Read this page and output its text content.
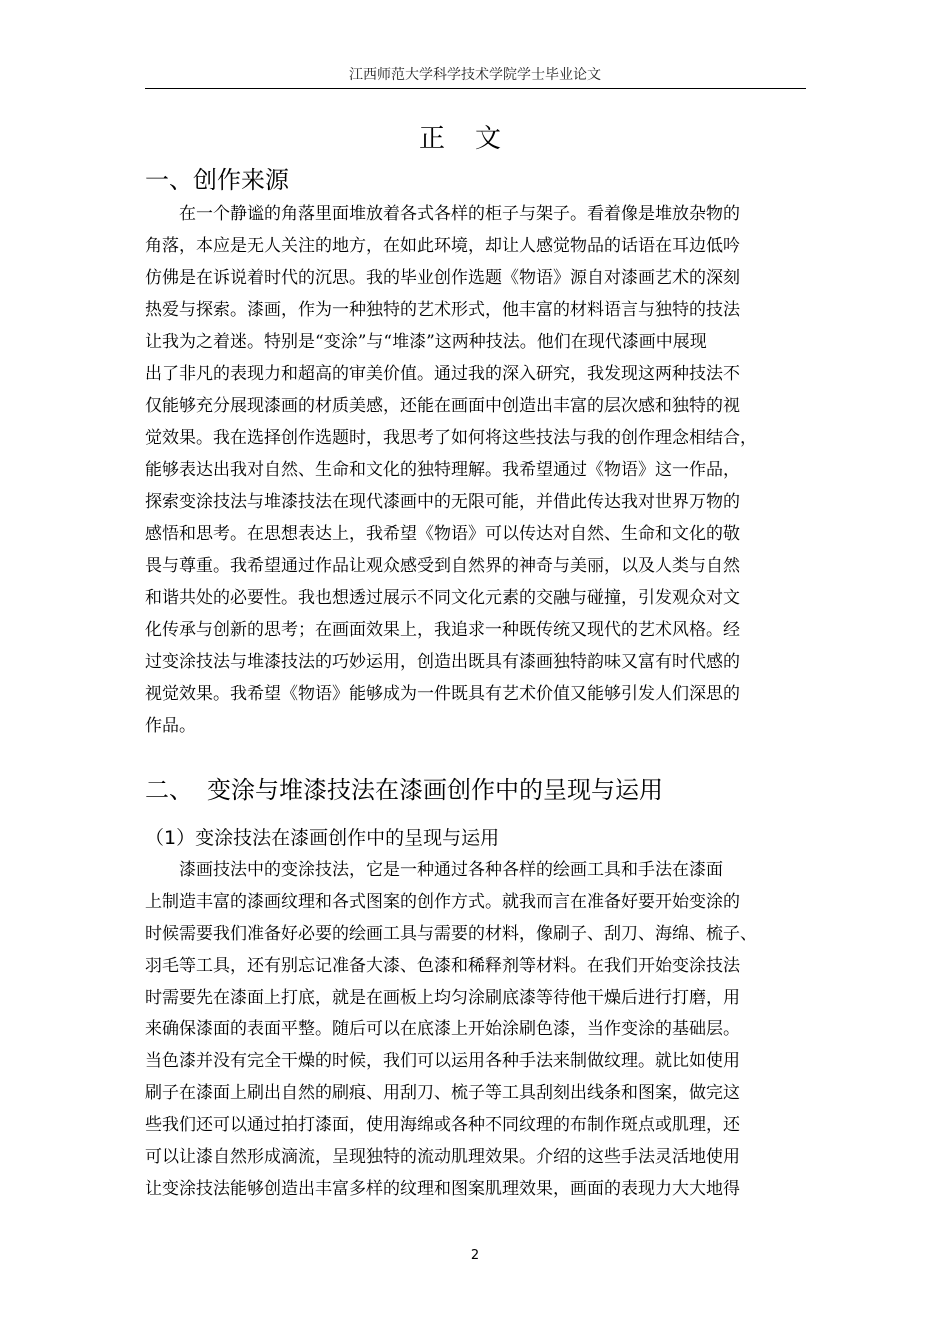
江西师范大学科学技术学院学士毕业论文
正文
一、创作来源
　　在一个静谧的角落里面堆放着各式各样的柜子与架子。看着像是堆放杂物的
角落，本应是无人关注的地方，在如此环境，却让人感觉物品的话语在耳边低吟
仿佛是在诉说着时代的沉思。我的毕业创作选题《物语》源自对漆画艺术的深刻
热爱与探索。漆画，作为一种独特的艺术形式，他丰富的材料语言与独特的技法
让我为之着迷。特别是“变涂”与“堆漆”这两种技法。他们在现代漆画中展现
出了非凡的表现力和超高的审美价值。通过我的深入研究，我发现这两种技法不
仅能够充分展现漆画的材质美感，还能在画面中创造出丰富的层次感和独特的视
觉效果。我在选择创作选题时，我思考了如何将这些技法与我的创作理念相结合，
能够表达出我对自然、生命和文化的独特理解。我希望通过《物语》这一作品，
探索变涂技法与堆漆技法在现代漆画中的无限可能，并借此传达我对世界万物的
感悟和思考。在思想表达上，我希望《物语》可以传达对自然、生命和文化的敬
畏与尊重。我希望通过作品让观众感受到自然界的神奇与美丽，以及人类与自然
和谐共处的必要性。我也想透过展示不同文化元素的交融与碰撞，引发观众对文
化传承与创新的思考；在画面效果上，我追求一种既传统又现代的艺术风格。经
过变涂技法与堆漆技法的巧妙运用，创造出既具有漆画独特韵味又富有时代感的
视觉效果。我希望《物语》能够成为一件既具有艺术价值又能够引发人们深思的
作品。
二、 变涂与堆漆技法在漆画创作中的呈现与运用
（1）变涂技法在漆画创作中的呈现与运用
　　漆画技法中的变涂技法，它是一种通过各种各样的绘画工具和手法在漆面
上制造丰富的漆画纹理和各式图案的创作方式。就我而言在准备好要开始变涂的
时候需要我们准备好必要的绘画工具与需要的材料，像刷子、刮刀、海绵、梳子、
羽毛等工具，还有别忘记准备大漆、色漆和稀释剂等材料。在我们开始变涂技法
时需要先在漆面上打底，就是在画板上均匀涂刷底漆等待他干燥后进行打磨，用
来确保漆面的表面平整。随后可以在底漆上开始涂刷色漆，当作变涂的基础层。
当色漆并没有完全干燥的时候，我们可以运用各种手法来制做纹理。就比如使用
刷子在漆面上刷出自然的刷痕、用刮刀、梳子等工具刮刻出线条和图案，做完这
些我们还可以通过拍打漆面，使用海绵或各种不同纹理的布制作斑点或肌理，还
可以让漆自然形成滴流，呈现独特的流动肌理效果。介绍的这些手法灵活地使用
让变涂技法能够创造出丰富多样的纹理和图案肌理效果，画面的表现力大大地得
2
